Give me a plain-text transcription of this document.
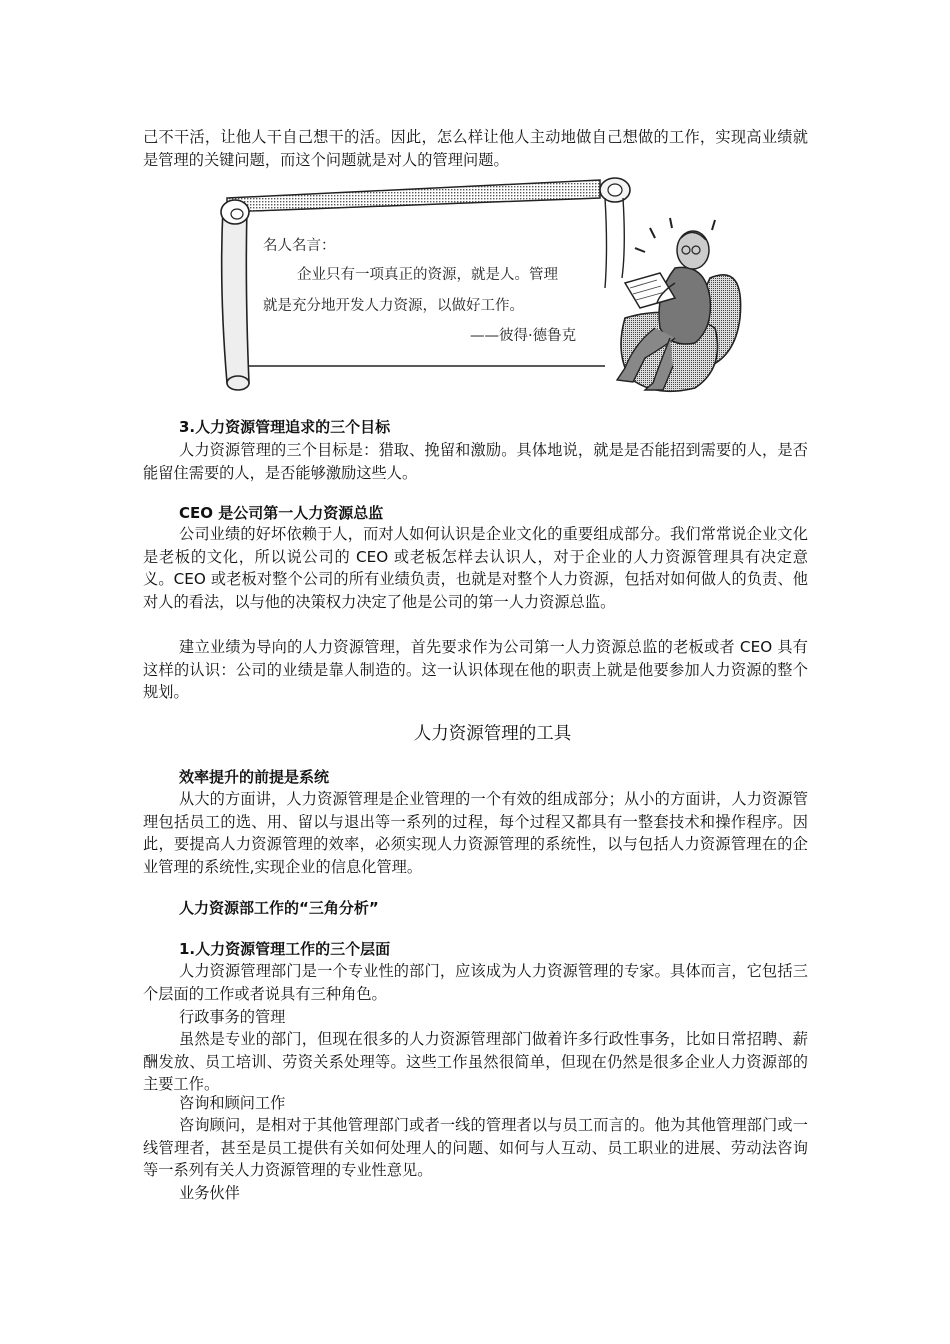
己不干活，让他人干自己想干的活。因此，怎么样让他人主动地做自己想做的工作，实现高业绩就是管理的关键问题，而这个问题就是对人的管理问题。

名人名言：

企业只有一项真正的资源，就是人。管理

就是充分地开发人力资源，以做好工作。

——彼得·德鲁克

3.人力资源管理追求的三个目标

人力资源管理的三个目标是：猎取、挽留和激励。具体地说，就是是否能招到需要的人，是否能留住需要的人，是否能够激励这些人。

CEO 是公司第一人力资源总监

公司业绩的好坏依赖于人，而对人如何认识是企业文化的重要组成部分。我们常常说企业文化是老板的文化，所以说公司的 CEO 或老板怎样去认识人，对于企业的人力资源管理具有决定意义。CEO 或老板对整个公司的所有业绩负责，也就是对整个人力资源，包括对如何做人的负责、他对人的看法，以与他的决策权力决定了他是公司的第一人力资源总监。

建立业绩为导向的人力资源管理，首先要求作为公司第一人力资源总监的老板或者 CEO 具有这样的认识：公司的业绩是靠人制造的。这一认识体现在他的职责上就是他要参加人力资源的整个规划。

人力资源管理的工具

效率提升的前提是系统

从大的方面讲，人力资源管理是企业管理的一个有效的组成部分；从小的方面讲，人力资源管理包括员工的选、用、留以与退出等一系列的过程，每个过程又都具有一整套技术和操作程序。因此，要提高人力资源管理的效率，必须实现人力资源管理的系统性，以与包括人力资源管理在的企业管理的系统性,实现企业的信息化管理。

人力资源部工作的“三角分析”

1.人力资源管理工作的三个层面

人力资源管理部门是一个专业性的部门，应该成为人力资源管理的专家。具体而言，它包括三个层面的工作或者说具有三种角色。

行政事务的管理

虽然是专业的部门，但现在很多的人力资源管理部门做着许多行政性事务，比如日常招聘、薪酬发放、员工培训、劳资关系处理等。这些工作虽然很简单，但现在仍然是很多企业人力资源部的主要工作。

咨询和顾问工作

咨询顾问，是相对于其他管理部门或者一线的管理者以与员工而言的。他为其他管理部门或一线管理者，甚至是员工提供有关如何处理人的问题、如何与人互动、员工职业的进展、劳动法咨询等一系列有关人力资源管理的专业性意见。

业务伙伴
